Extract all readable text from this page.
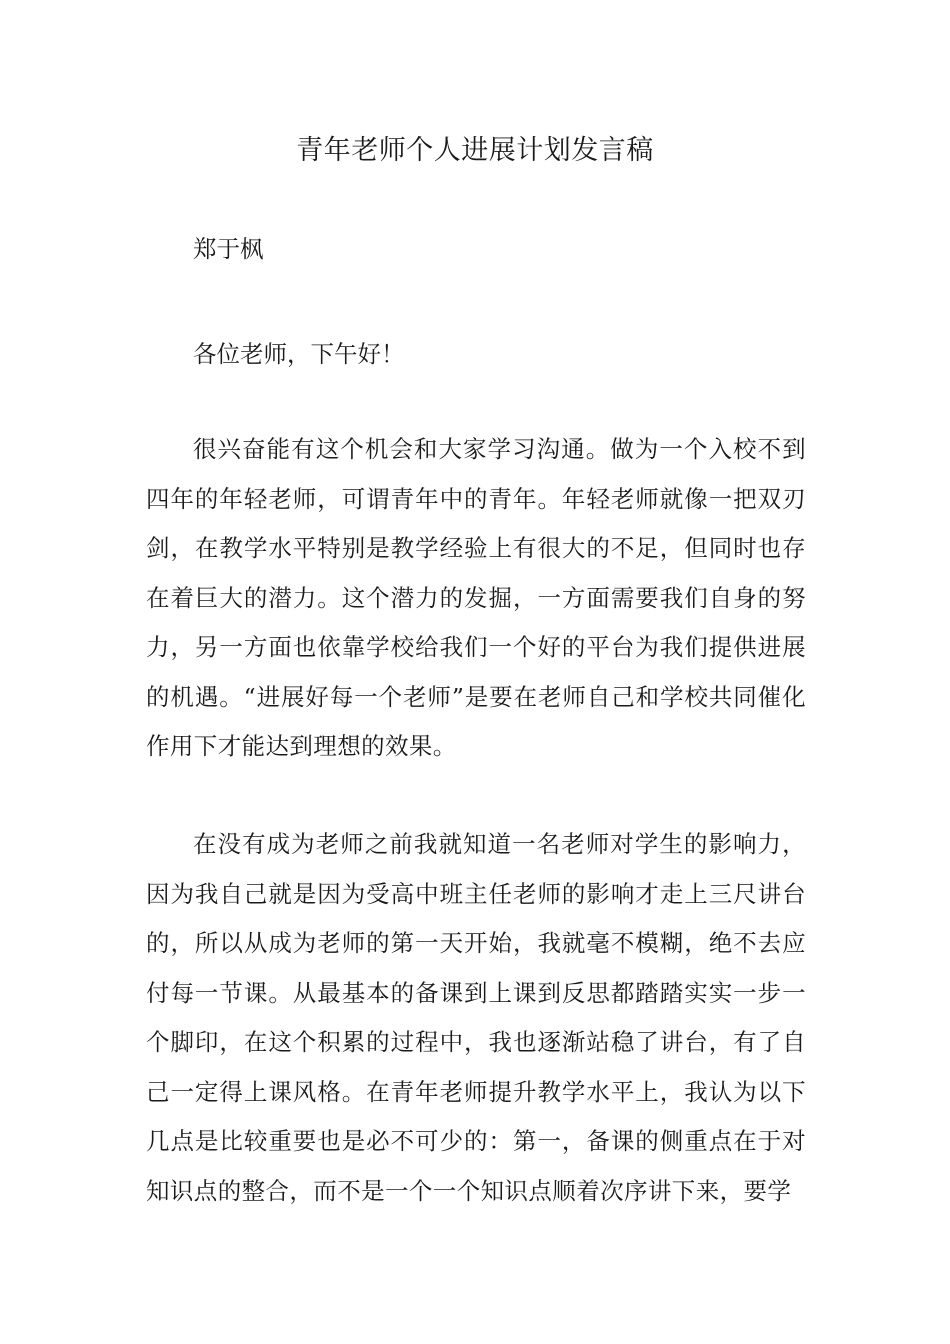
青年老师个人进展计划发言稿

郑于枫

各位老师，下午好！

很兴奋能有这个机会和大家学习沟通。做为一个入校不到四年的年轻老师，可谓青年中的青年。年轻老师就像一把双刃剑，在教学水平特别是教学经验上有很大的不足，但同时也存在着巨大的潜力。这个潜力的发掘，一方面需要我们自身的努力，另一方面也依靠学校给我们一个好的平台为我们提供进展的机遇。“进展好每一个老师”是要在老师自己和学校共同催化作用下才能达到理想的效果。

在没有成为老师之前我就知道一名老师对学生的影响力，因为我自己就是因为受高中班主任老师的影响才走上三尺讲台的，所以从成为老师的第一天开始，我就毫不模糊，绝不去应付每一节课。从最基本的备课到上课到反思都踏踏实实一步一个脚印，在这个积累的过程中，我也逐渐站稳了讲台，有了自己一定得上课风格。在青年老师提升教学水平上，我认为以下几点是比较重要也是必不可少的：第一，备课的侧重点在于对知识点的整合，而不是一个一个知识点顺着次序讲下来，要学
